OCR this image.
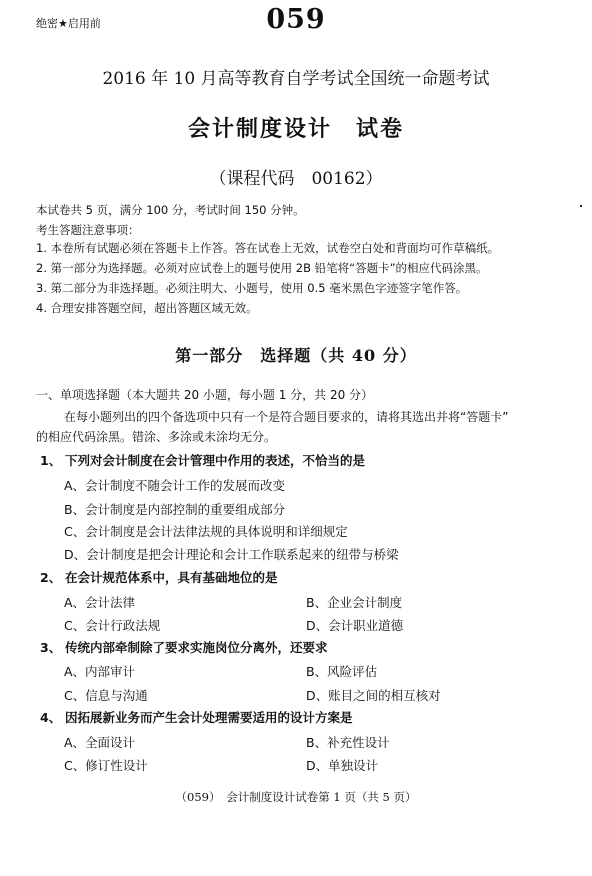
绝密★启用前	059
2016 年 10 月高等教育自学考试全国统一命题考试
会计制度设计　试卷
（课程代码　00162）
本试卷共 5 页，满分 100 分，考试时间 150 分钟。
考生答题注意事项：
1. 本卷所有试题必须在答题卡上作答。答在试卷上无效，试卷空白处和背面均可作草稿纸。
2. 第一部分为选择题。必须对应试卷上的题号使用 2B 铅笔将“答题卡”的相应代码涂黑。
3. 第二部分为非选择题。必须注明大、小题号，使用 0.5 毫米黑色字迹签字笔作答。
4. 合理安排答题空间，超出答题区域无效。
第一部分　选择题（共 40 分）
一、单项选择题（本大题共 20 小题，每小题 1 分，共 20 分）
在每小题列出的四个备选项中只有一个是符合题目要求的，请将其选出并将“答题卡”
的相应代码涂黑。错涂、多涂或未涂均无分。
1、 下列对会计制度在会计管理中作用的表述，不恰当的是
A、会计制度不随会计工作的发展而改变
B、会计制度是内部控制的重要组成部分
C、会计制度是会计法律法规的具体说明和详细规定
D、会计制度是把会计理论和会计工作联系起来的纽带与桥梁
2、 在会计规范体系中，具有基础地位的是
A、会计法律	B、企业会计制度
C、会计行政法规	D、会计职业道德
3、 传统内部牵制除了要求实施岗位分离外，还要求
A、内部审计	B、风险评估
C、信息与沟通	D、账目之间的相互核对
4、 因拓展新业务而产生会计处理需要适用的设计方案是
A、全面设计	B、补充性设计
C、修订性设计	D、单独设计
（059）　会计制度设计试卷第 1 页（共 5 页）
